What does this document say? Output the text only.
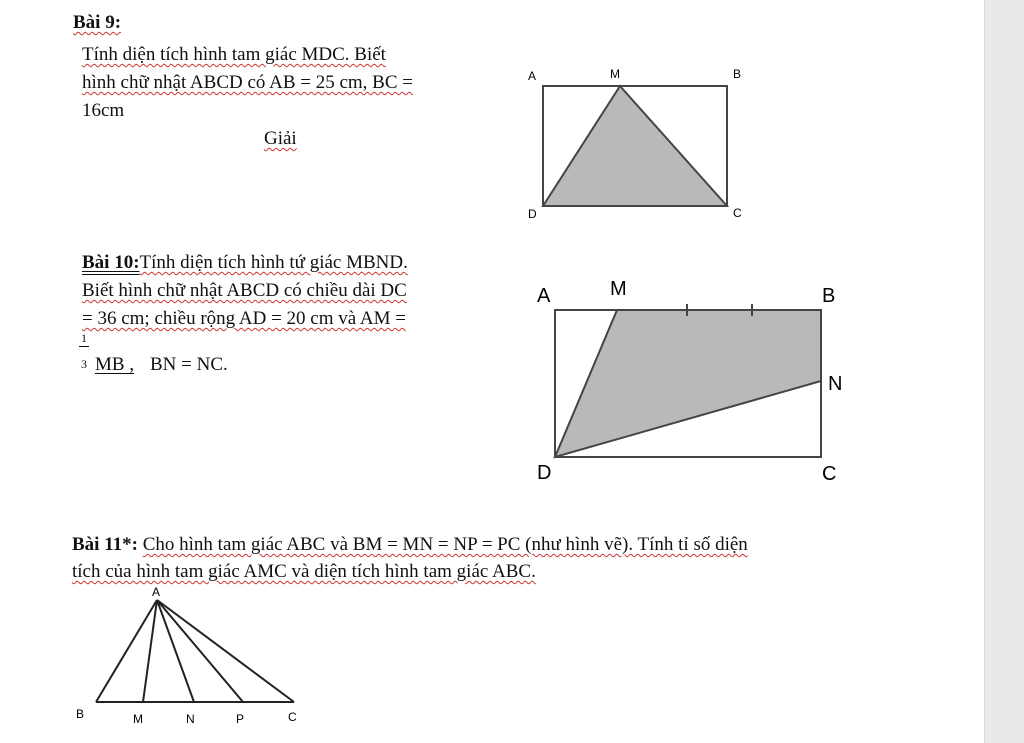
Bài 9:
Tính diện tích hình tam giác MDC. Biết
hình chữ nhật ABCD có AB = 25 cm, BC =
16cm
Giải
A	M	B
D	C
Bài 10:Tính diện tích hình tứ giác MBND.
Biết hình chữ nhật ABCD có chiều dài DC
= 36 cm; chiều rộng AD = 20 cm và AM =
1
3 MB , BN = NC.
A	M	B
N
D	C
Bài 11*: Cho hình tam giác ABC và BM = MN = NP = PC (như hình vẽ). Tính tỉ số diện
tích của hình tam giác AMC và diện tích hình tam giác ABC.
A
B	M	N	P	C
